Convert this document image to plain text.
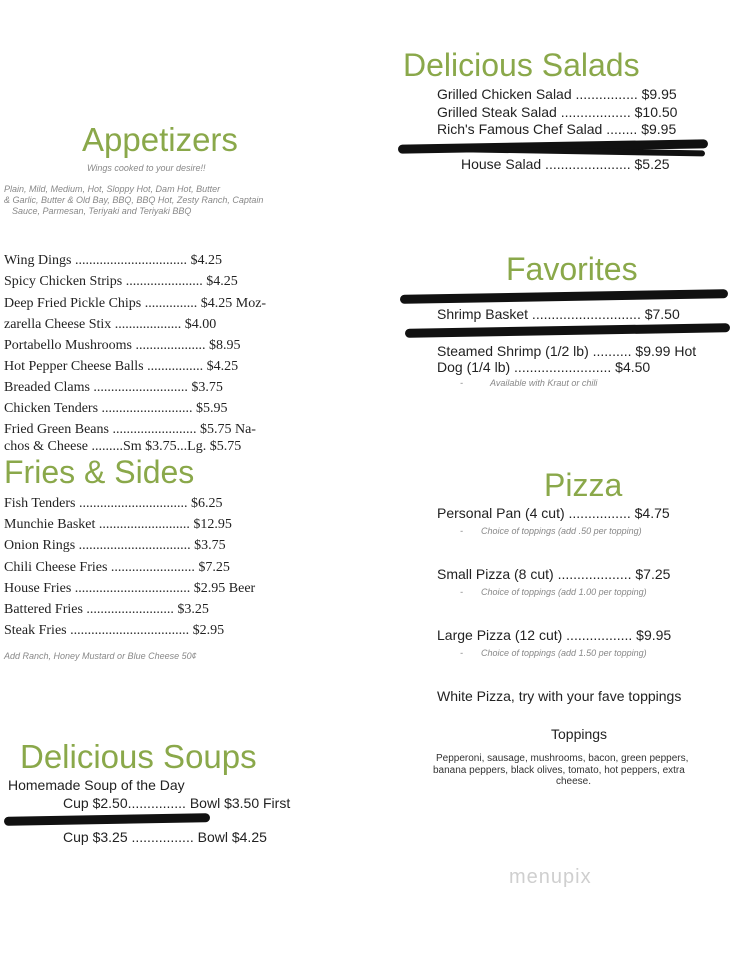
Delicious Salads
Grilled Chicken Salad ................ $9.95
Grilled Steak Salad .................. $10.50
Rich's Famous Chef Salad ........ $9.95
House Salad ...................... $5.25
Appetizers
Wings cooked to your desire!!
Plain, Mild, Medium, Hot, Sloppy Hot, Dam Hot, Butter
& Garlic, Butter & Old Bay, BBQ, BBQ Hot, Zesty Ranch, Captain
Sauce, Parmesan, Teriyaki and Teriyaki BBQ
Wing Dings ................................ $4.25
Spicy Chicken Strips ...................... $4.25
Deep Fried Pickle Chips ............... $4.25 Moz-
zarella Cheese Stix ................... $4.00
Portabello Mushrooms .................... $8.95
Hot Pepper Cheese Balls ................ $4.25
Breaded Clams ........................... $3.75
Chicken Tenders .......................... $5.95
Fried Green Beans ........................ $5.75 Na-
chos & Cheese .........Sm $3.75...Lg. $5.75
Favorites
Shrimp Basket ............................ $7.50
Steamed Shrimp (1/2 lb) .......... $9.99 Hot
Dog (1/4 lb) ......................... $4.50
-	Available with Kraut or chili
Fries & Sides
Fish Tenders ............................... $6.25
Munchie Basket .......................... $12.95
Onion Rings ................................ $3.75
Chili Cheese Fries ........................ $7.25
House Fries ................................. $2.95 Beer
Battered Fries ......................... $3.25
Steak Fries .................................. $2.95
Add Ranch, Honey Mustard or Blue Cheese 50¢
Pizza
Personal Pan (4 cut) ................ $4.75
- Choice of toppings (add .50 per topping)
Small Pizza (8 cut) ................... $7.25
- Choice of toppings (add 1.00 per topping)
Large Pizza (12 cut) ................. $9.95
- Choice of toppings (add 1.50 per topping)
White Pizza, try with your fave toppings
Toppings
Pepperoni, sausage, mushrooms, bacon, green peppers,
banana peppers, black olives, tomato, hot peppers, extra
cheese.
Delicious Soups
Homemade Soup of the Day
Cup $2.50............... Bowl $3.50 First
Cup $3.25 ................ Bowl $4.25
menupix
